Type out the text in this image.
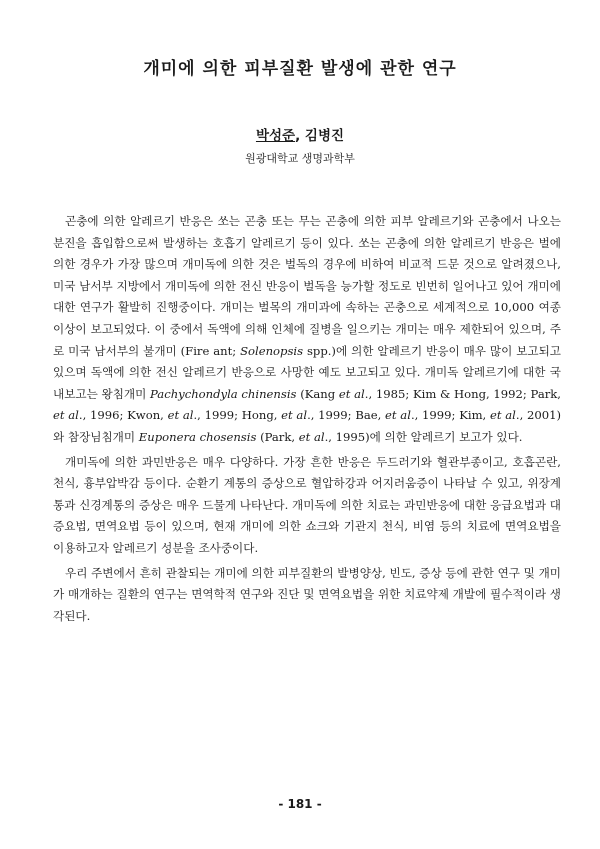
개미에 의한 피부질환 발생에 관한 연구
박성준, 김병진
원광대학교 생명과학부

곤충에 의한 알레르기 반응은 쏘는 곤충 또는 무는 곤충에 의한 피부 알레르기와 곤충에서 나오는 분진을 흡입함으로써 발생하는 호흡기 알레르기 등이 있다. 쏘는 곤충에 의한 알레르기 반응은 벌에 의한 경우가 가장 많으며 개미독에 의한 것은 벌독의 경우에 비하여 비교적 드문 것으로 알려졌으나, 미국 남서부 지방에서 개미독에 의한 전신 반응이 벌독을 능가할 정도로 빈번히 일어나고 있어 개미에 대한 연구가 활발히 진행중이다. 개미는 벌목의 개미과에 속하는 곤충으로 세계적으로 10,000 여종 이상이 보고되었다. 이 중에서 독액에 의해 인체에 질병을 일으키는 개미는 매우 제한되어 있으며, 주로 미국 남서부의 불개미 (Fire ant; Solenopsis spp.)에 의한 알레르기 반응이 매우 많이 보고되고 있으며 독액에 의한 전신 알레르기 반응으로 사망한 예도 보고되고 있다. 개미독 알레르기에 대한 국내보고는 왕침개미 Pachychondyla chinensis (Kang et al., 1985; Kim & Hong, 1992; Park, et al., 1996; Kwon, et al., 1999; Hong, et al., 1999; Bae, et al., 1999; Kim, et al., 2001)와 참장님침개미 Euponera chosensis (Park, et al., 1995)에 의한 알레르기 보고가 있다.

개미독에 의한 과민반응은 매우 다양하다. 가장 흔한 반응은 두드러기와 혈관부종이고, 호흡곤란, 천식, 흉부압박감 등이다. 순환기 계통의 증상으로 혈압하강과 어지러움증이 나타날 수 있고, 위장계통과 신경계통의 증상은 매우 드물게 나타난다. 개미독에 의한 치료는 과민반응에 대한 응급요법과 대증요법, 면역요법 등이 있으며, 현재 개미에 의한 쇼크와 기관지 천식, 비염 등의 치료에 면역요법을 이용하고자 알레르기 성분을 조사중이다.

우리 주변에서 흔히 관찰되는 개미에 의한 피부질환의 발병양상, 빈도, 증상 등에 관한 연구 및 개미가 매개하는 질환의 연구는 면역학적 연구와 진단 및 면역요법을 위한 치료약제 개발에 필수적이라 생각된다.

- 181 -
